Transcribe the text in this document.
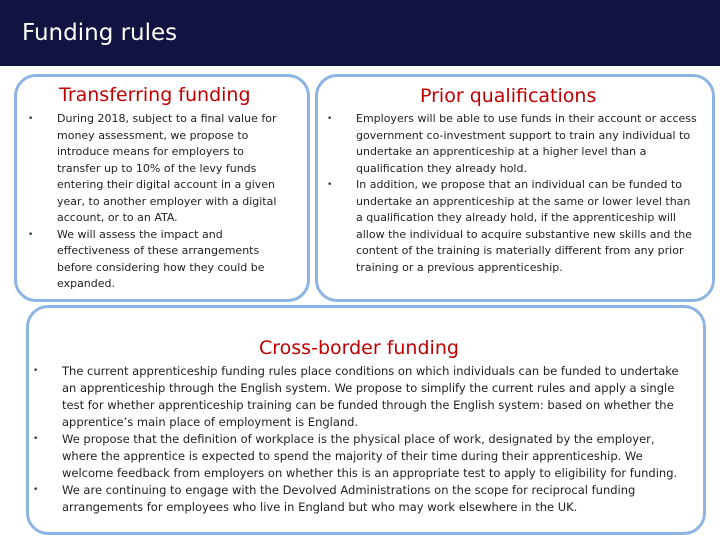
Funding rules
Transferring funding
• During 2018, subject to a final value for money assessment, we propose to introduce means for employers to transfer up to 10% of the levy funds entering their digital account in a given year, to another employer with a digital account, or to an ATA.
• We will assess the impact and effectiveness of these arrangements before considering how they could be expanded.
Prior qualifications
• Employers will be able to use funds in their account or access government co-investment support to train any individual to undertake an apprenticeship at a higher level than a qualification they already hold.
• In addition, we propose that an individual can be funded to undertake an apprenticeship at the same or lower level than a qualification they already hold, if the apprenticeship will allow the individual to acquire substantive new skills and the content of the training is materially different from any prior training or a previous apprenticeship.
Cross-border funding
• The current apprenticeship funding rules place conditions on which individuals can be funded to undertake an apprenticeship through the English system. We propose to simplify the current rules and apply a single test for whether apprenticeship training can be funded through the English system: based on whether the apprentice’s main place of employment is England.
• We propose that the definition of workplace is the physical place of work, designated by the employer, where the apprentice is expected to spend the majority of their time during their apprenticeship. We welcome feedback from employers on whether this is an appropriate test to apply to eligibility for funding.
• We are continuing to engage with the Devolved Administrations on the scope for reciprocal funding arrangements for employees who live in England but who may work elsewhere in the UK.
